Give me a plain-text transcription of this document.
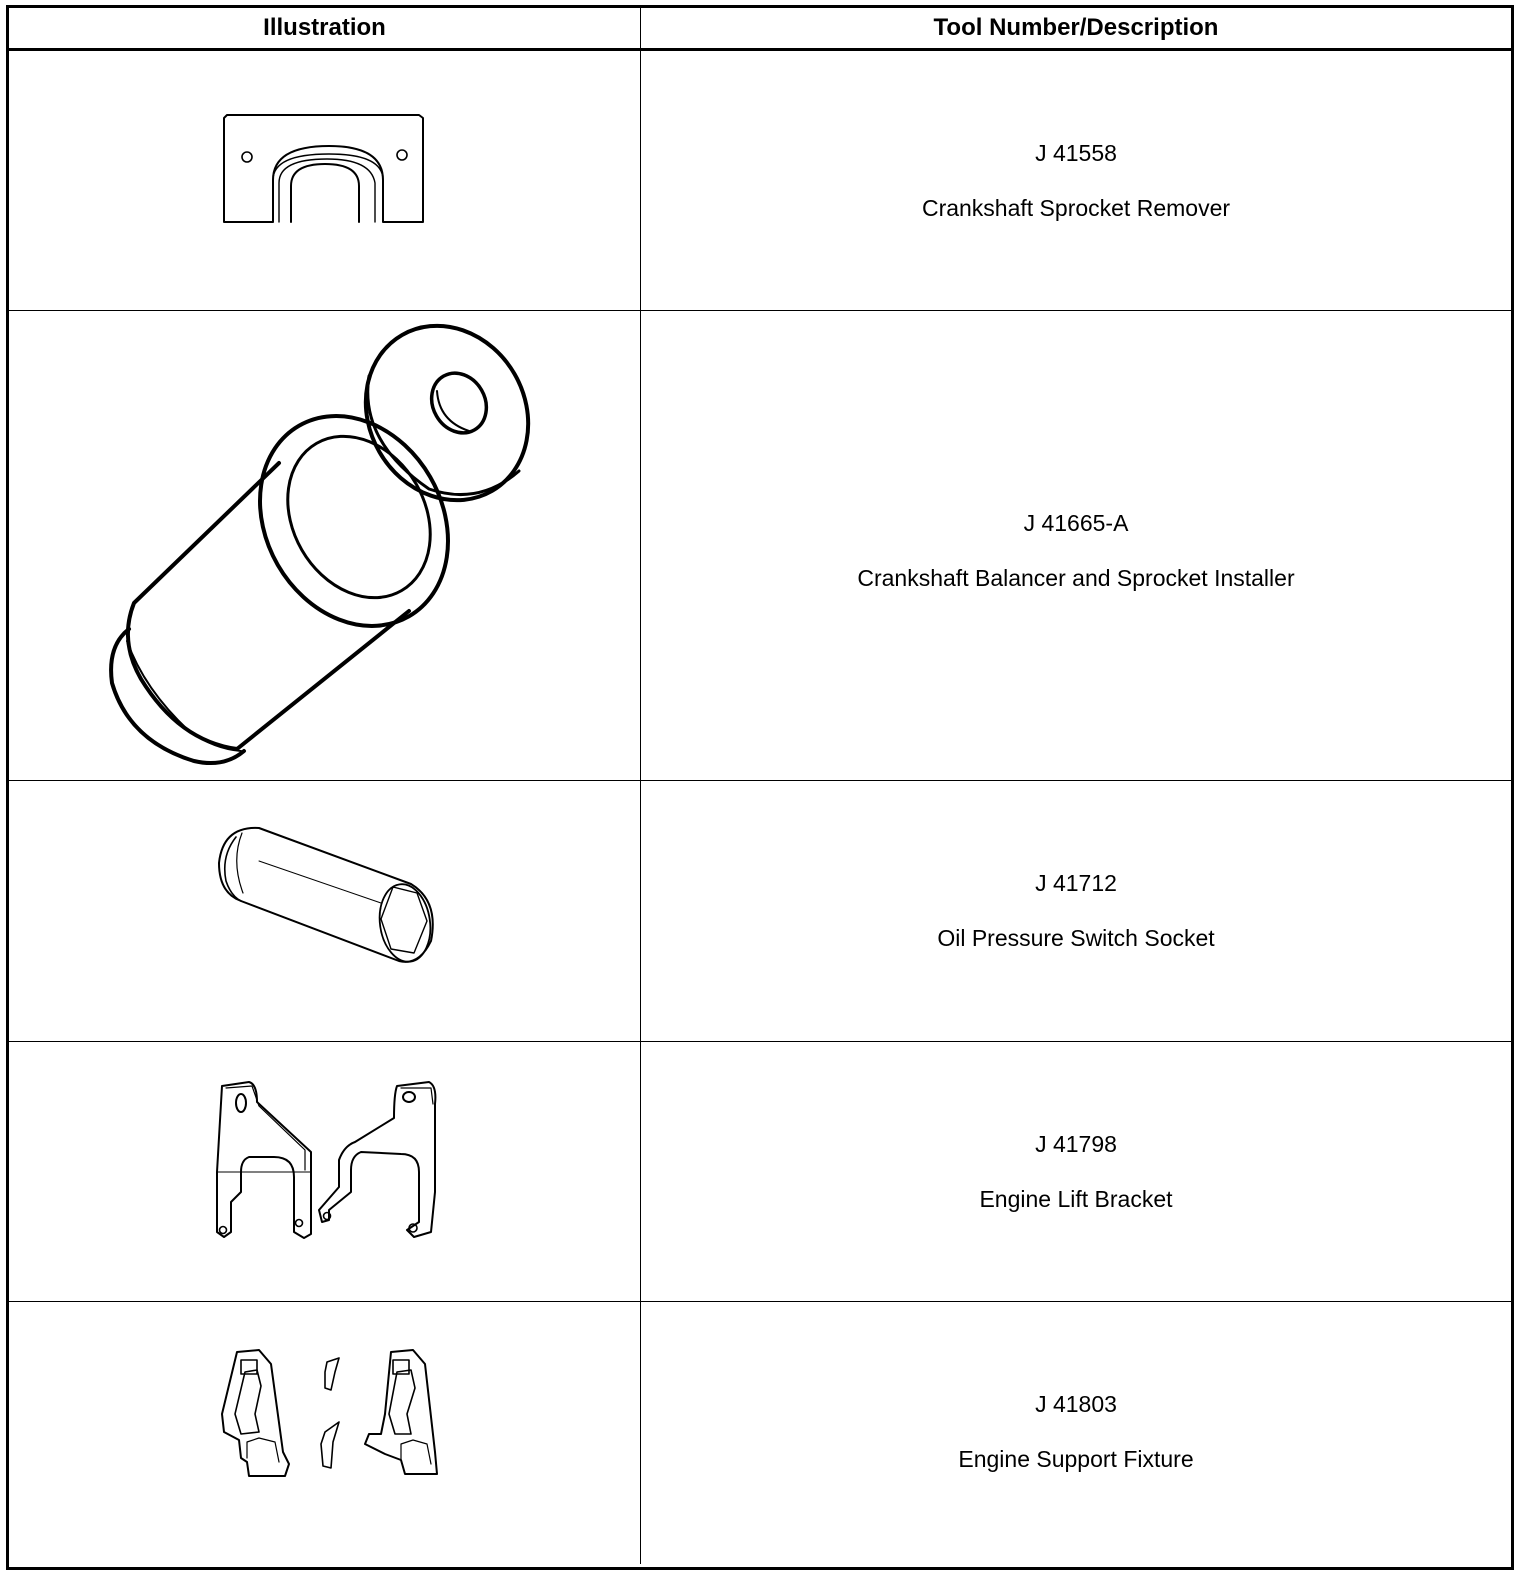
Illustration	Tool Number/Description
J 41558
Crankshaft Sprocket Remover
J 41665-A
Crankshaft Balancer and Sprocket Installer
J 41712
Oil Pressure Switch Socket
J 41798
Engine Lift Bracket
J 41803
Engine Support Fixture
